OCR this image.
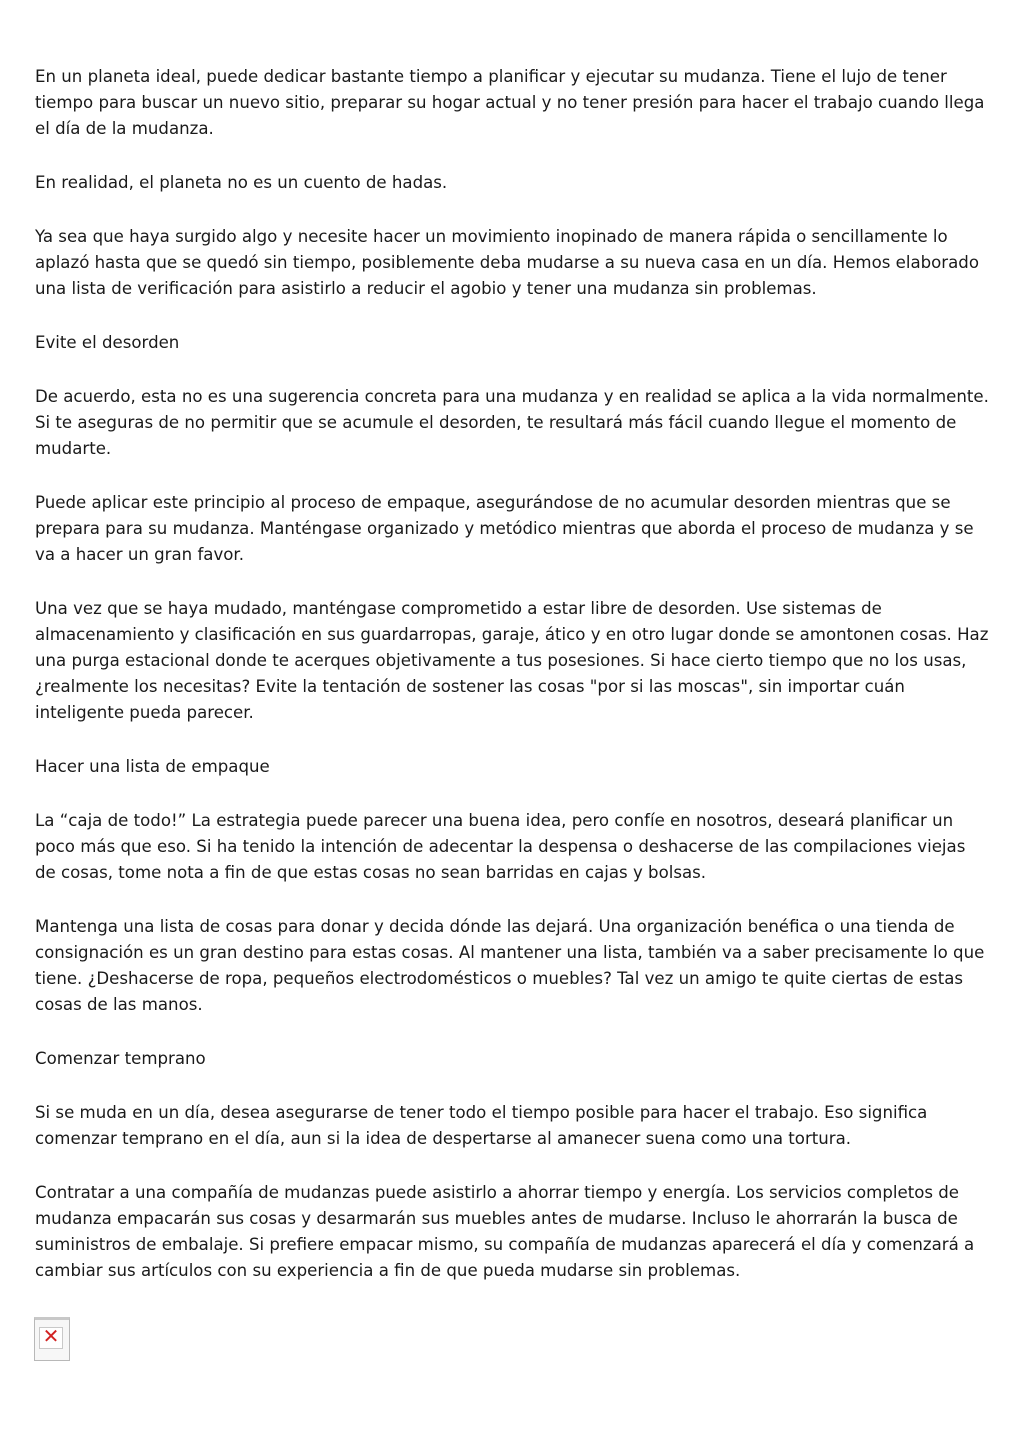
En un planeta ideal, puede dedicar bastante tiempo a planificar y ejecutar su mudanza. Tiene el lujo de tener tiempo para buscar un nuevo sitio, preparar su hogar actual y no tener presión para hacer el trabajo cuando llega el día de la mudanza.

En realidad, el planeta no es un cuento de hadas.

Ya sea que haya surgido algo y necesite hacer un movimiento inopinado de manera rápida o sencillamente lo aplazó hasta que se quedó sin tiempo, posiblemente deba mudarse a su nueva casa en un día. Hemos elaborado una lista de verificación para asistirlo a reducir el agobio y tener una mudanza sin problemas.

Evite el desorden

De acuerdo, esta no es una sugerencia concreta para una mudanza y en realidad se aplica a la vida normalmente. Si te aseguras de no permitir que se acumule el desorden, te resultará más fácil cuando llegue el momento de mudarte.

Puede aplicar este principio al proceso de empaque, asegurándose de no acumular desorden mientras que se prepara para su mudanza. Manténgase organizado y metódico mientras que aborda el proceso de mudanza y se va a hacer un gran favor.

Una vez que se haya mudado, manténgase comprometido a estar libre de desorden. Use sistemas de almacenamiento y clasificación en sus guardarropas, garaje, ático y en otro lugar donde se amontonen cosas. Haz una purga estacional donde te acerques objetivamente a tus posesiones. Si hace cierto tiempo que no los usas, ¿realmente los necesitas? Evite la tentación de sostener las cosas "por si las moscas", sin importar cuán inteligente pueda parecer.

Hacer una lista de empaque

La “caja de todo!” La estrategia puede parecer una buena idea, pero confíe en nosotros, deseará planificar un poco más que eso. Si ha tenido la intención de adecentar la despensa o deshacerse de las compilaciones viejas de cosas, tome nota a fin de que estas cosas no sean barridas en cajas y bolsas.

Mantenga una lista de cosas para donar y decida dónde las dejará. Una organización benéfica o una tienda de consignación es un gran destino para estas cosas. Al mantener una lista, también va a saber precisamente lo que tiene. ¿Deshacerse de ropa, pequeños electrodomésticos o muebles? Tal vez un amigo te quite ciertas de estas cosas de las manos.

Comenzar temprano

Si se muda en un día, desea asegurarse de tener todo el tiempo posible para hacer el trabajo. Eso significa comenzar temprano en el día, aun si la idea de despertarse al amanecer suena como una tortura.

Contratar a una compañía de mudanzas puede asistirlo a ahorrar tiempo y energía. Los servicios completos de mudanza empacarán sus cosas y desarmarán sus muebles antes de mudarse. Incluso le ahorrarán la busca de suministros de embalaje. Si prefiere empacar mismo, su compañía de mudanzas aparecerá el día y comenzará a cambiar sus artículos con su experiencia a fin de que pueda mudarse sin problemas.

✕
